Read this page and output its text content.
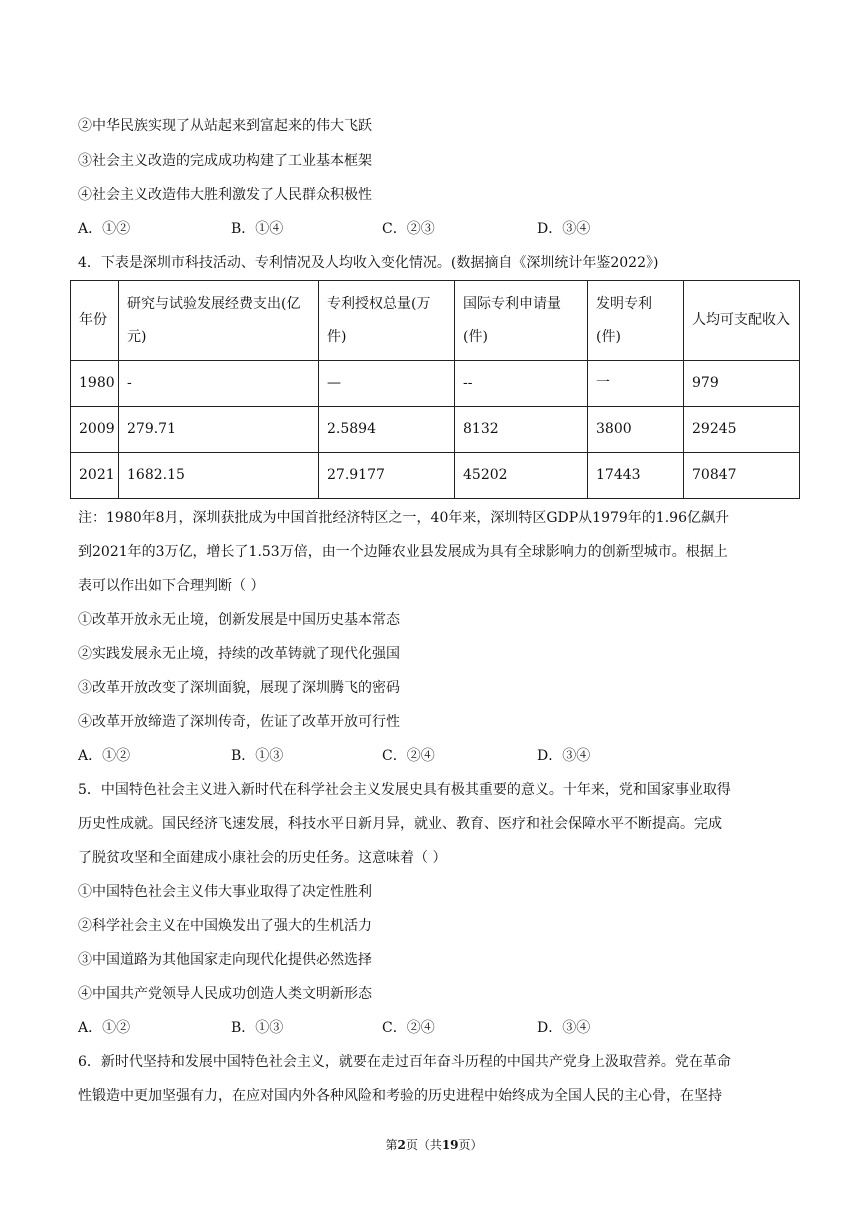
②中华民族实现了从站起来到富起来的伟大飞跃
③社会主义改造的完成成功构建了工业基本框架
④社会主义改造伟大胜利激发了人民群众积极性
A．①②	B．①④	C．②③	D．③④
4．下表是深圳市科技活动、专利情况及人均收入变化情况。(数据摘自《深圳统计年鉴2022》)
年份	研究与试验发展经费支出(亿元)	专利授权总量(万件)	国际专利申请量(件)	发明专利(件)	人均可支配收入
1980	-	—	--	一	979
2009	279.71	2.5894	8132	3800	29245
2021	1682.15	27.9177	45202	17443	70847
注：1980年8月，深圳获批成为中国首批经济特区之一，40年来，深圳特区GDP从1979年的1.96亿飙升
到2021年的3万亿，增长了1.53万倍，由一个边陲农业县发展成为具有全球影响力的创新型城市。根据上
表可以作出如下合理判断（ ）
①改革开放永无止境，创新发展是中国历史基本常态
②实践发展永无止境，持续的改革铸就了现代化强国
③改革开放改变了深圳面貌，展现了深圳腾飞的密码
④改革开放缔造了深圳传奇，佐证了改革开放可行性
A．①②	B．①③	C．②④	D．③④
5．中国特色社会主义进入新时代在科学社会主义发展史具有极其重要的意义。十年来，党和国家事业取得
历史性成就。国民经济飞速发展，科技水平日新月异，就业、教育、医疗和社会保障水平不断提高。完成
了脱贫攻坚和全面建成小康社会的历史任务。这意味着（ ）
①中国特色社会主义伟大事业取得了决定性胜利
②科学社会主义在中国焕发出了强大的生机活力
③中国道路为其他国家走向现代化提供必然选择
④中国共产党领导人民成功创造人类文明新形态
A．①②	B．①③	C．②④	D．③④
6．新时代坚持和发展中国特色社会主义，就要在走过百年奋斗历程的中国共产党身上汲取营养。党在革命
性锻造中更加坚强有力，在应对国内外各种风险和考验的历史进程中始终成为全国人民的主心骨，在坚持
第2页（共19页）
